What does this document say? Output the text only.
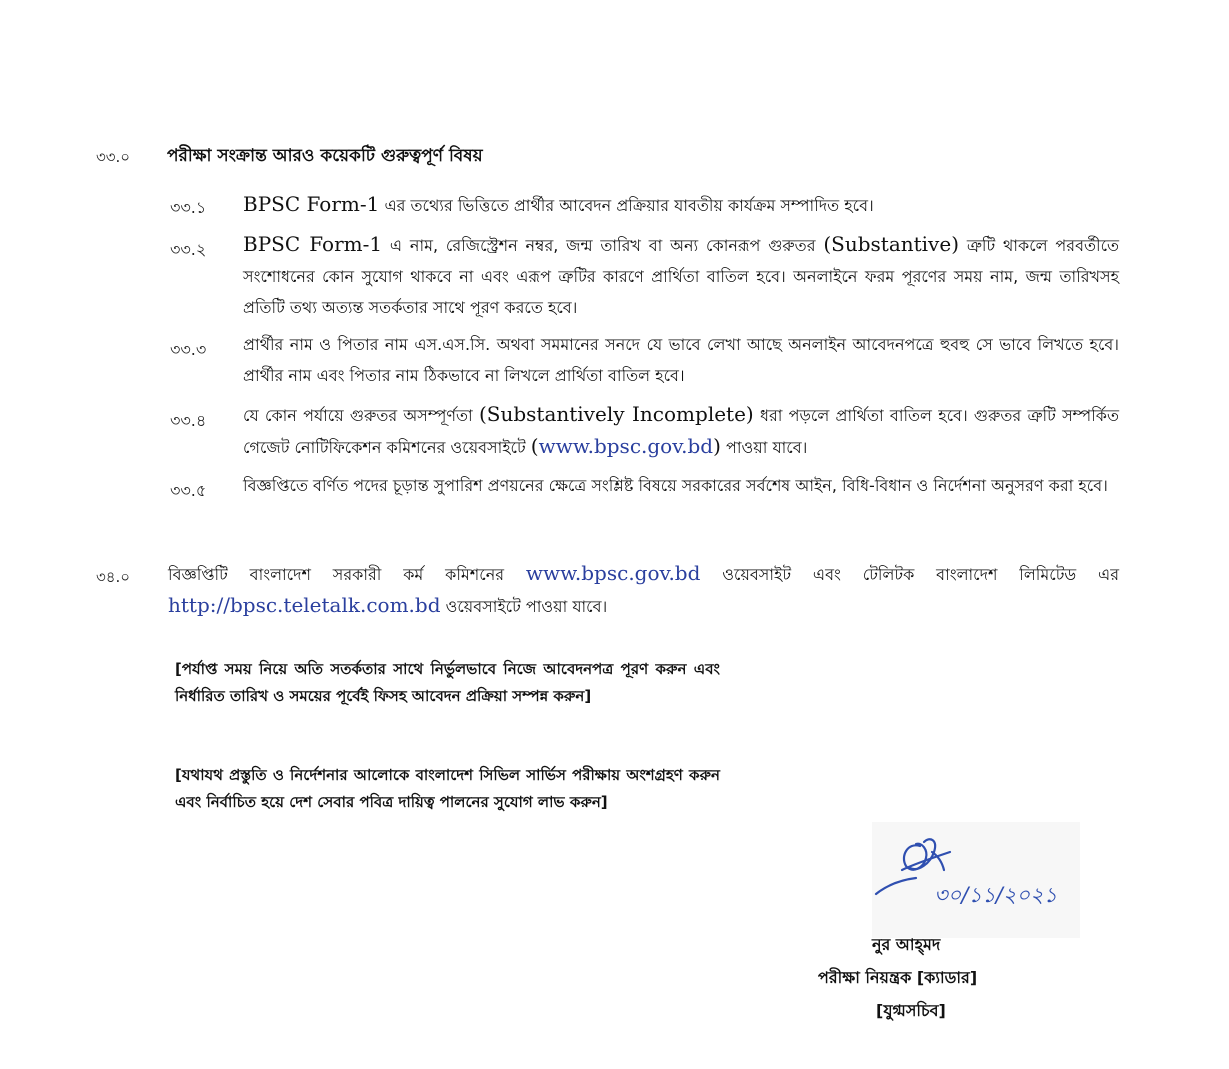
৩৩.০ পরীক্ষা সংক্রান্ত আরও কয়েকটি গুরুত্বপূর্ণ বিষয়
৩৩.১ BPSC Form-1 এর তথ্যের ভিত্তিতে প্রার্থীর আবেদন প্রক্রিয়ার যাবতীয় কার্যক্রম সম্পাদিত হবে।
৩৩.২ BPSC Form-1 এ নাম, রেজিস্ট্রেশন নম্বর, জন্ম তারিখ বা অন্য কোনরূপ গুরুতর (Substantive) ত্রুটি থাকলে পরবর্তীতে সংশোধনের কোন সুযোগ থাকবে না এবং এরূপ ত্রুটির কারণে প্রার্থিতা বাতিল হবে। অনলাইনে ফরম পূরণের সময় নাম, জন্ম তারিখসহ প্রতিটি তথ্য অত্যন্ত সতর্কতার সাথে পূরণ করতে হবে।
৩৩.৩ প্রার্থীর নাম ও পিতার নাম এস.এস.সি. অথবা সমমানের সনদে যে ভাবে লেখা আছে অনলাইন আবেদনপত্রে হুবহু সে ভাবে লিখতে হবে। প্রার্থীর নাম এবং পিতার নাম ঠিকভাবে না লিখলে প্রার্থিতা বাতিল হবে।
৩৩.৪ যে কোন পর্যায়ে গুরুতর অসম্পূর্ণতা (Substantively Incomplete) ধরা পড়লে প্রার্থিতা বাতিল হবে। গুরুতর ত্রুটি সম্পর্কিত গেজেট নোটিফিকেশন কমিশনের ওয়েবসাইটে (www.bpsc.gov.bd) পাওয়া যাবে।
৩৩.৫ বিজ্ঞপ্তিতে বর্ণিত পদের চূড়ান্ত সুপারিশ প্রণয়নের ক্ষেত্রে সংশ্লিষ্ট বিষয়ে সরকারের সর্বশেষ আইন, বিধি-বিধান ও নির্দেশনা অনুসরণ করা হবে।
৩৪.০ বিজ্ঞপ্তিটি বাংলাদেশ সরকারী কর্ম কমিশনের www.bpsc.gov.bd ওয়েবসাইট এবং টেলিটক বাংলাদেশ লিমিটেড এর http://bpsc.teletalk.com.bd ওয়েবসাইটে পাওয়া যাবে।
[পর্যাপ্ত সময় নিয়ে অতি সতর্কতার সাথে নির্ভুলভাবে নিজে আবেদনপত্র পূরণ করুন এবং নির্ধারিত তারিখ ও সময়ের পূর্বেই ফিসহ আবেদন প্রক্রিয়া সম্পন্ন করুন]
[যথাযথ প্রস্তুতি ও নির্দেশনার আলোকে বাংলাদেশ সিভিল সার্ভিস পরীক্ষায় অংশগ্রহণ করুন এবং নির্বাচিত হয়ে দেশ সেবার পবিত্র দায়িত্ব পালনের সুযোগ লাভ করুন]
৩০/১১/২০২১
নুর আহ্‌মদ
পরীক্ষা নিয়ন্ত্রক [ক্যাডার]
[যুগ্মসচিব]
